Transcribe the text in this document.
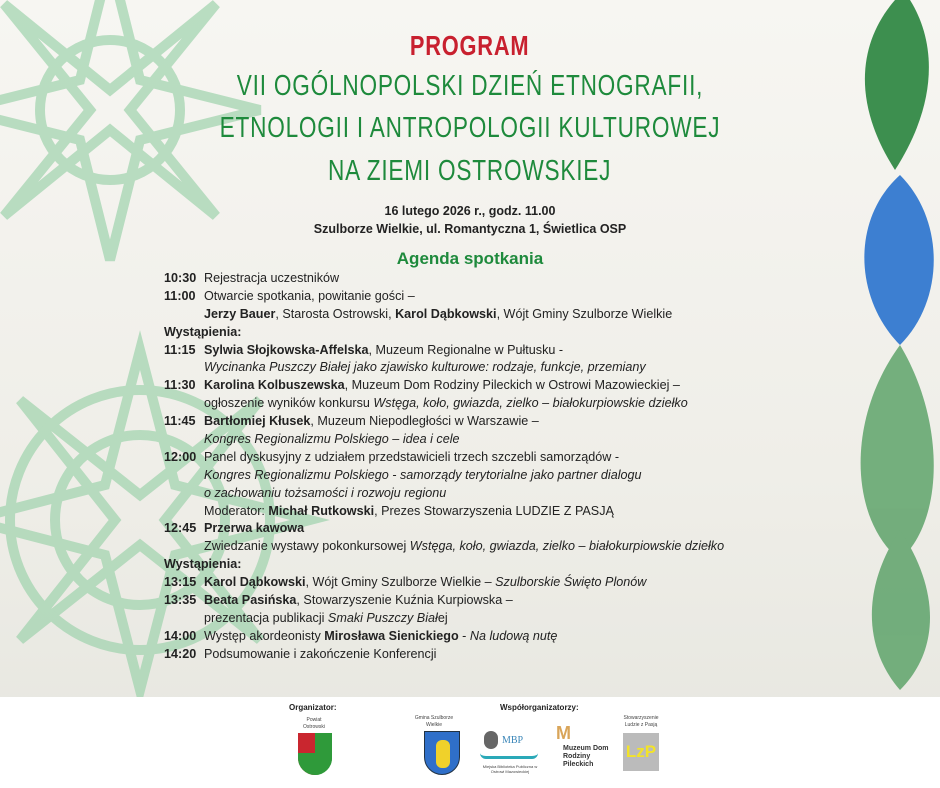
PROGRAM
VII OGÓLNOPOLSKI DZIEŃ ETNOGRAFII,
ETNOLOGII I ANTROPOLOGII KULTUROWEJ
NA ZIEMI OSTROWSKIEJ
16 lutego 2026 r., godz. 11.00
Szulborze Wielkie, ul. Romantyczna 1, Świetlica OSP
Agenda spotkania
10:30 Rejestracja uczestników
11:00 Otwarcie spotkania, powitanie gości –
Jerzy Bauer, Starosta Ostrowski, Karol Dąbkowski, Wójt Gminy Szulborze Wielkie
Wystąpienia:
11:15 Sylwia Słojkowska-Affelska, Muzeum Regionalne w Pułtusku -
Wycinanka Puszczy Białej jako zjawisko kulturowe: rodzaje, funkcje, przemiany
11:30 Karolina Kolbuszewska, Muzeum Dom Rodziny Pileckich w Ostrowi Mazowieckiej –
ogłoszenie wyników konkursu Wstęga, koło, gwiazda, zielko – białokurpiowskie dziełko
11:45 Bartłomiej Kłusek, Muzeum Niepodległości w Warszawie –
Kongres Regionalizmu Polskiego – idea i cele
12:00 Panel dyskusyjny z udziałem przedstawicieli trzech szczebli samorządów -
Kongres Regionalizmu Polskiego - samorządy terytorialne jako partner dialogu
o zachowaniu tożsamości i rozwoju regionu
Moderator: Michał Rutkowski, Prezes Stowarzyszenia LUDZIE Z PASJĄ
12:45 Przerwa kawowa
Zwiedzanie wystawy pokonkursowej Wstęga, koło, gwiazda, zielko – białokurpiowskie dziełko
Wystąpienia:
13:15 Karol Dąbkowski, Wójt Gminy Szulborze Wielkie – Szulborskie Święto Plonów
13:35 Beata Pasińska, Stowarzyszenie Kuźnia Kurpiowska –
prezentacja publikacji Smaki Puszczy Białej
14:00 Występ akordeonisty Mirosława Sienickiego - Na ludową nutę
14:20 Podsumowanie i zakończenie Konferencji
Organizator:
Powiat Ostrowski
Współorganizatorzy:
Gmina Szulborze Wielkie
MBP
Miejska Biblioteka Publiczna w Ostrowi Mazowieckiej
M
Muzeum Dom Rodziny Pileckich
Stowarzyszenie Ludzie z Pasją
LzP
